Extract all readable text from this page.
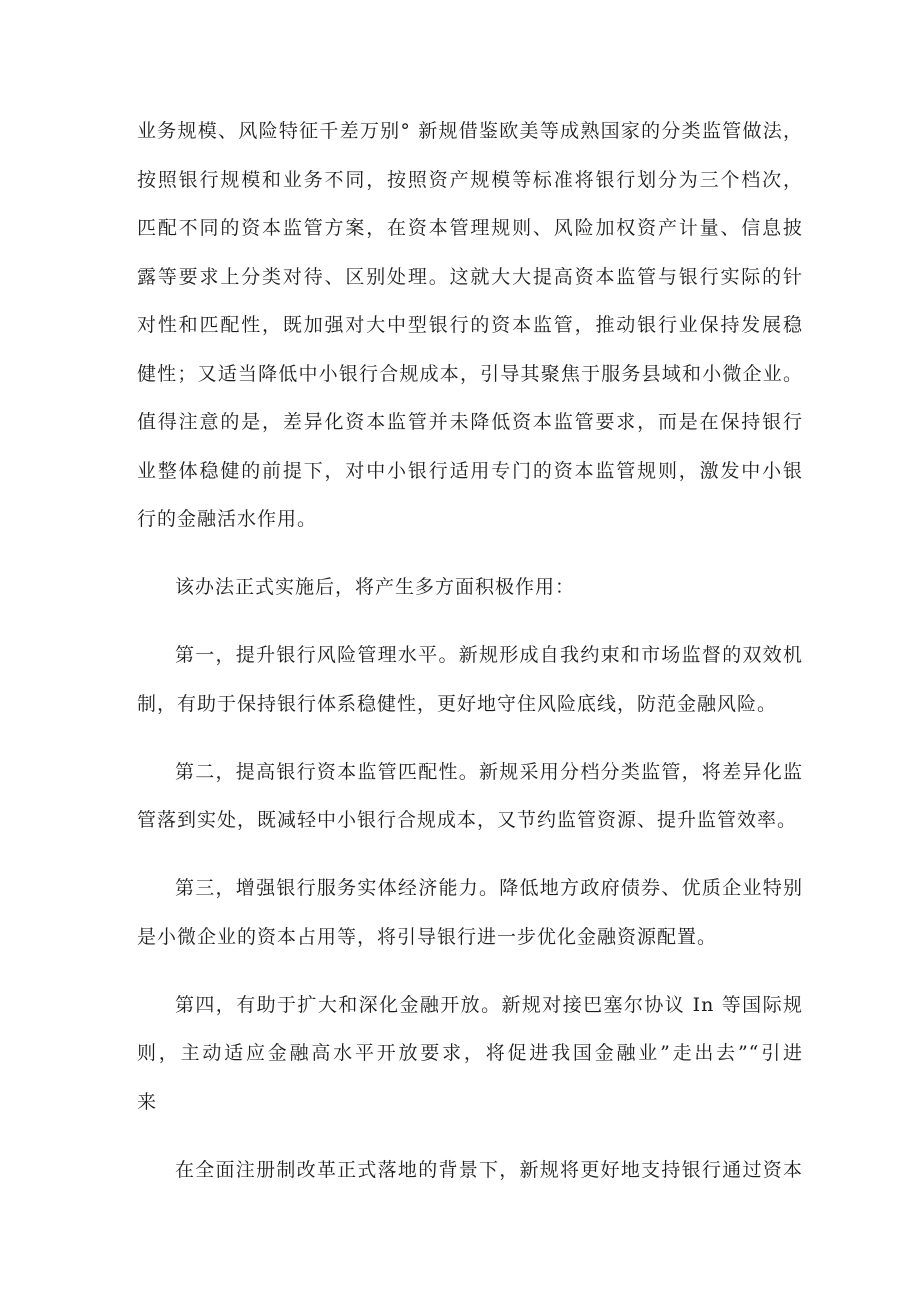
业务规模、风险特征千差万别° 新规借鉴欧美等成熟国家的分类监管做法，
按照银行规模和业务不同，按照资产规模等标准将银行划分为三个档次，
匹配不同的资本监管方案，在资本管理规则、风险加权资产计量、信息披
露等要求上分类对待、区别处理。这就大大提高资本监管与银行实际的针
对性和匹配性，既加强对大中型银行的资本监管，推动银行业保持发展稳
健性；又适当降低中小银行合规成本，引导其聚焦于服务县域和小微企业。
值得注意的是，差异化资本监管并未降低资本监管要求，而是在保持银行
业整体稳健的前提下，对中小银行适用专门的资本监管规则，激发中小银
行的金融活水作用。
该办法正式实施后，将产生多方面积极作用：
第一，提升银行风险管理水平。新规形成自我约束和市场监督的双效机
制，有助于保持银行体系稳健性，更好地守住风险底线，防范金融风险。
第二，提高银行资本监管匹配性。新规采用分档分类监管，将差异化监
管落到实处，既减轻中小银行合规成本，又节约监管资源、提升监管效率。
第三，增强银行服务实体经济能力。降低地方政府债券、优质企业特别
是小微企业的资本占用等，将引导银行进一步优化金融资源配置。
第四，有助于扩大和深化金融开放。新规对接巴塞尔协议 In 等国际规
则，主动适应金融高水平开放要求，将促进我国金融业”走出去”“引进
来
在全面注册制改革正式落地的背景下，新规将更好地支持银行通过资本
